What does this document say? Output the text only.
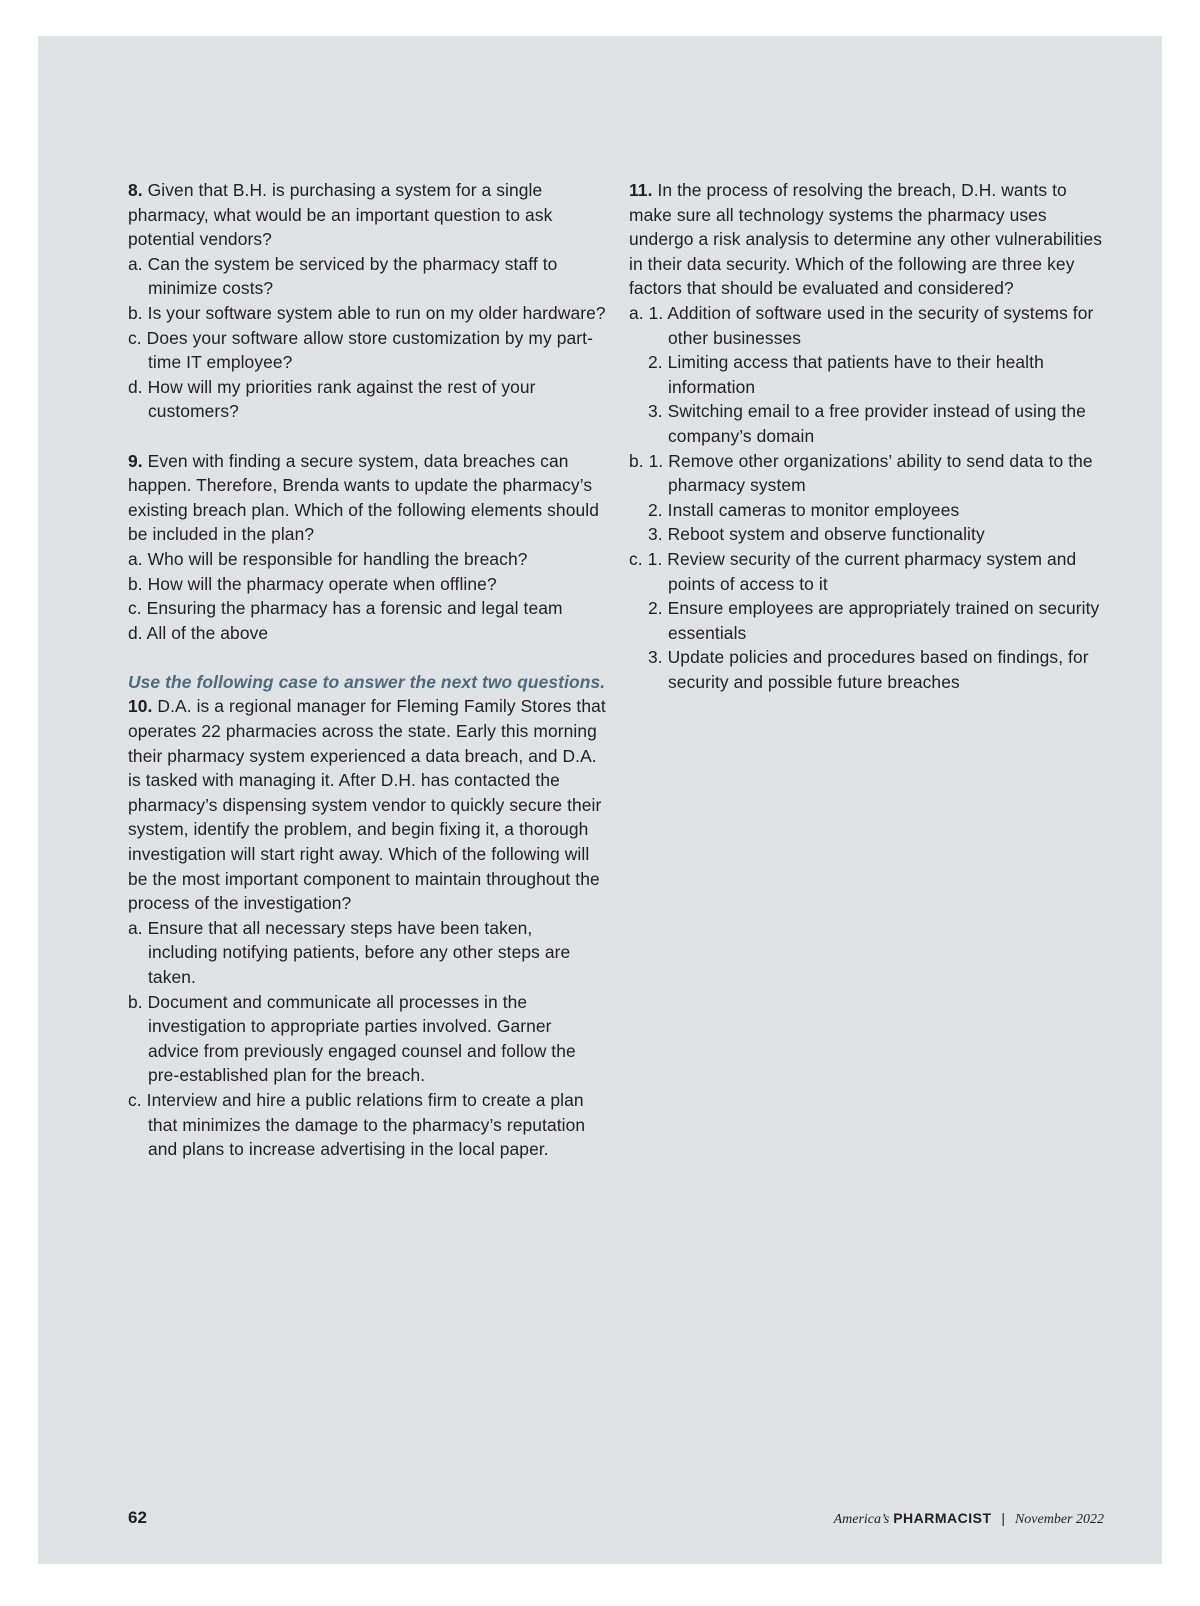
8. Given that B.H. is purchasing a system for a single pharmacy, what would be an important question to ask potential vendors?

a. Can the system be serviced by the pharmacy staff to minimize costs?

b. Is your software system able to run on my older hardware?

c. Does your software allow store customization by my part-time IT employee?

d. How will my priorities rank against the rest of your customers?

9. Even with finding a secure system, data breaches can happen. Therefore, Brenda wants to update the pharmacy’s existing breach plan. Which of the following elements should be included in the plan?

a. Who will be responsible for handling the breach?

b. How will the pharmacy operate when offline?

c. Ensuring the pharmacy has a forensic and legal team

d. All of the above

Use the following case to answer the next two questions.

10. D.A. is a regional manager for Fleming Family Stores that operates 22 pharmacies across the state. Early this morning their pharmacy system experienced a data breach, and D.A. is tasked with managing it. After D.H. has contacted the pharmacy’s dispensing system vendor to quickly secure their system, identify the problem, and begin fixing it, a thorough investigation will start right away. Which of the following will be the most important component to maintain throughout the process of the investigation?

a. Ensure that all necessary steps have been taken, including notifying patients, before any other steps are taken.

b. Document and communicate all processes in the investigation to appropriate parties involved. Garner advice from previously engaged counsel and follow the pre-established plan for the breach.

c. Interview and hire a public relations firm to create a plan that minimizes the damage to the pharmacy’s reputation and plans to increase advertising in the local paper.

11. In the process of resolving the breach, D.H. wants to make sure all technology systems the pharmacy uses undergo a risk analysis to determine any other vulnerabilities in their data security. Which of the following are three key factors that should be evaluated and considered?

a. 1. Addition of software used in the security of systems for other businesses

2. Limiting access that patients have to their health information

3. Switching email to a free provider instead of using the company’s domain

b. 1. Remove other organizations’ ability to send data to the pharmacy system

2. Install cameras to monitor employees

3. Reboot system and observe functionality

c. 1. Review security of the current pharmacy system and points of access to it

2. Ensure employees are appropriately trained on security essentials

3. Update policies and procedures based on findings, for security and possible future breaches

62	America’s PHARMACIST | November 2022
